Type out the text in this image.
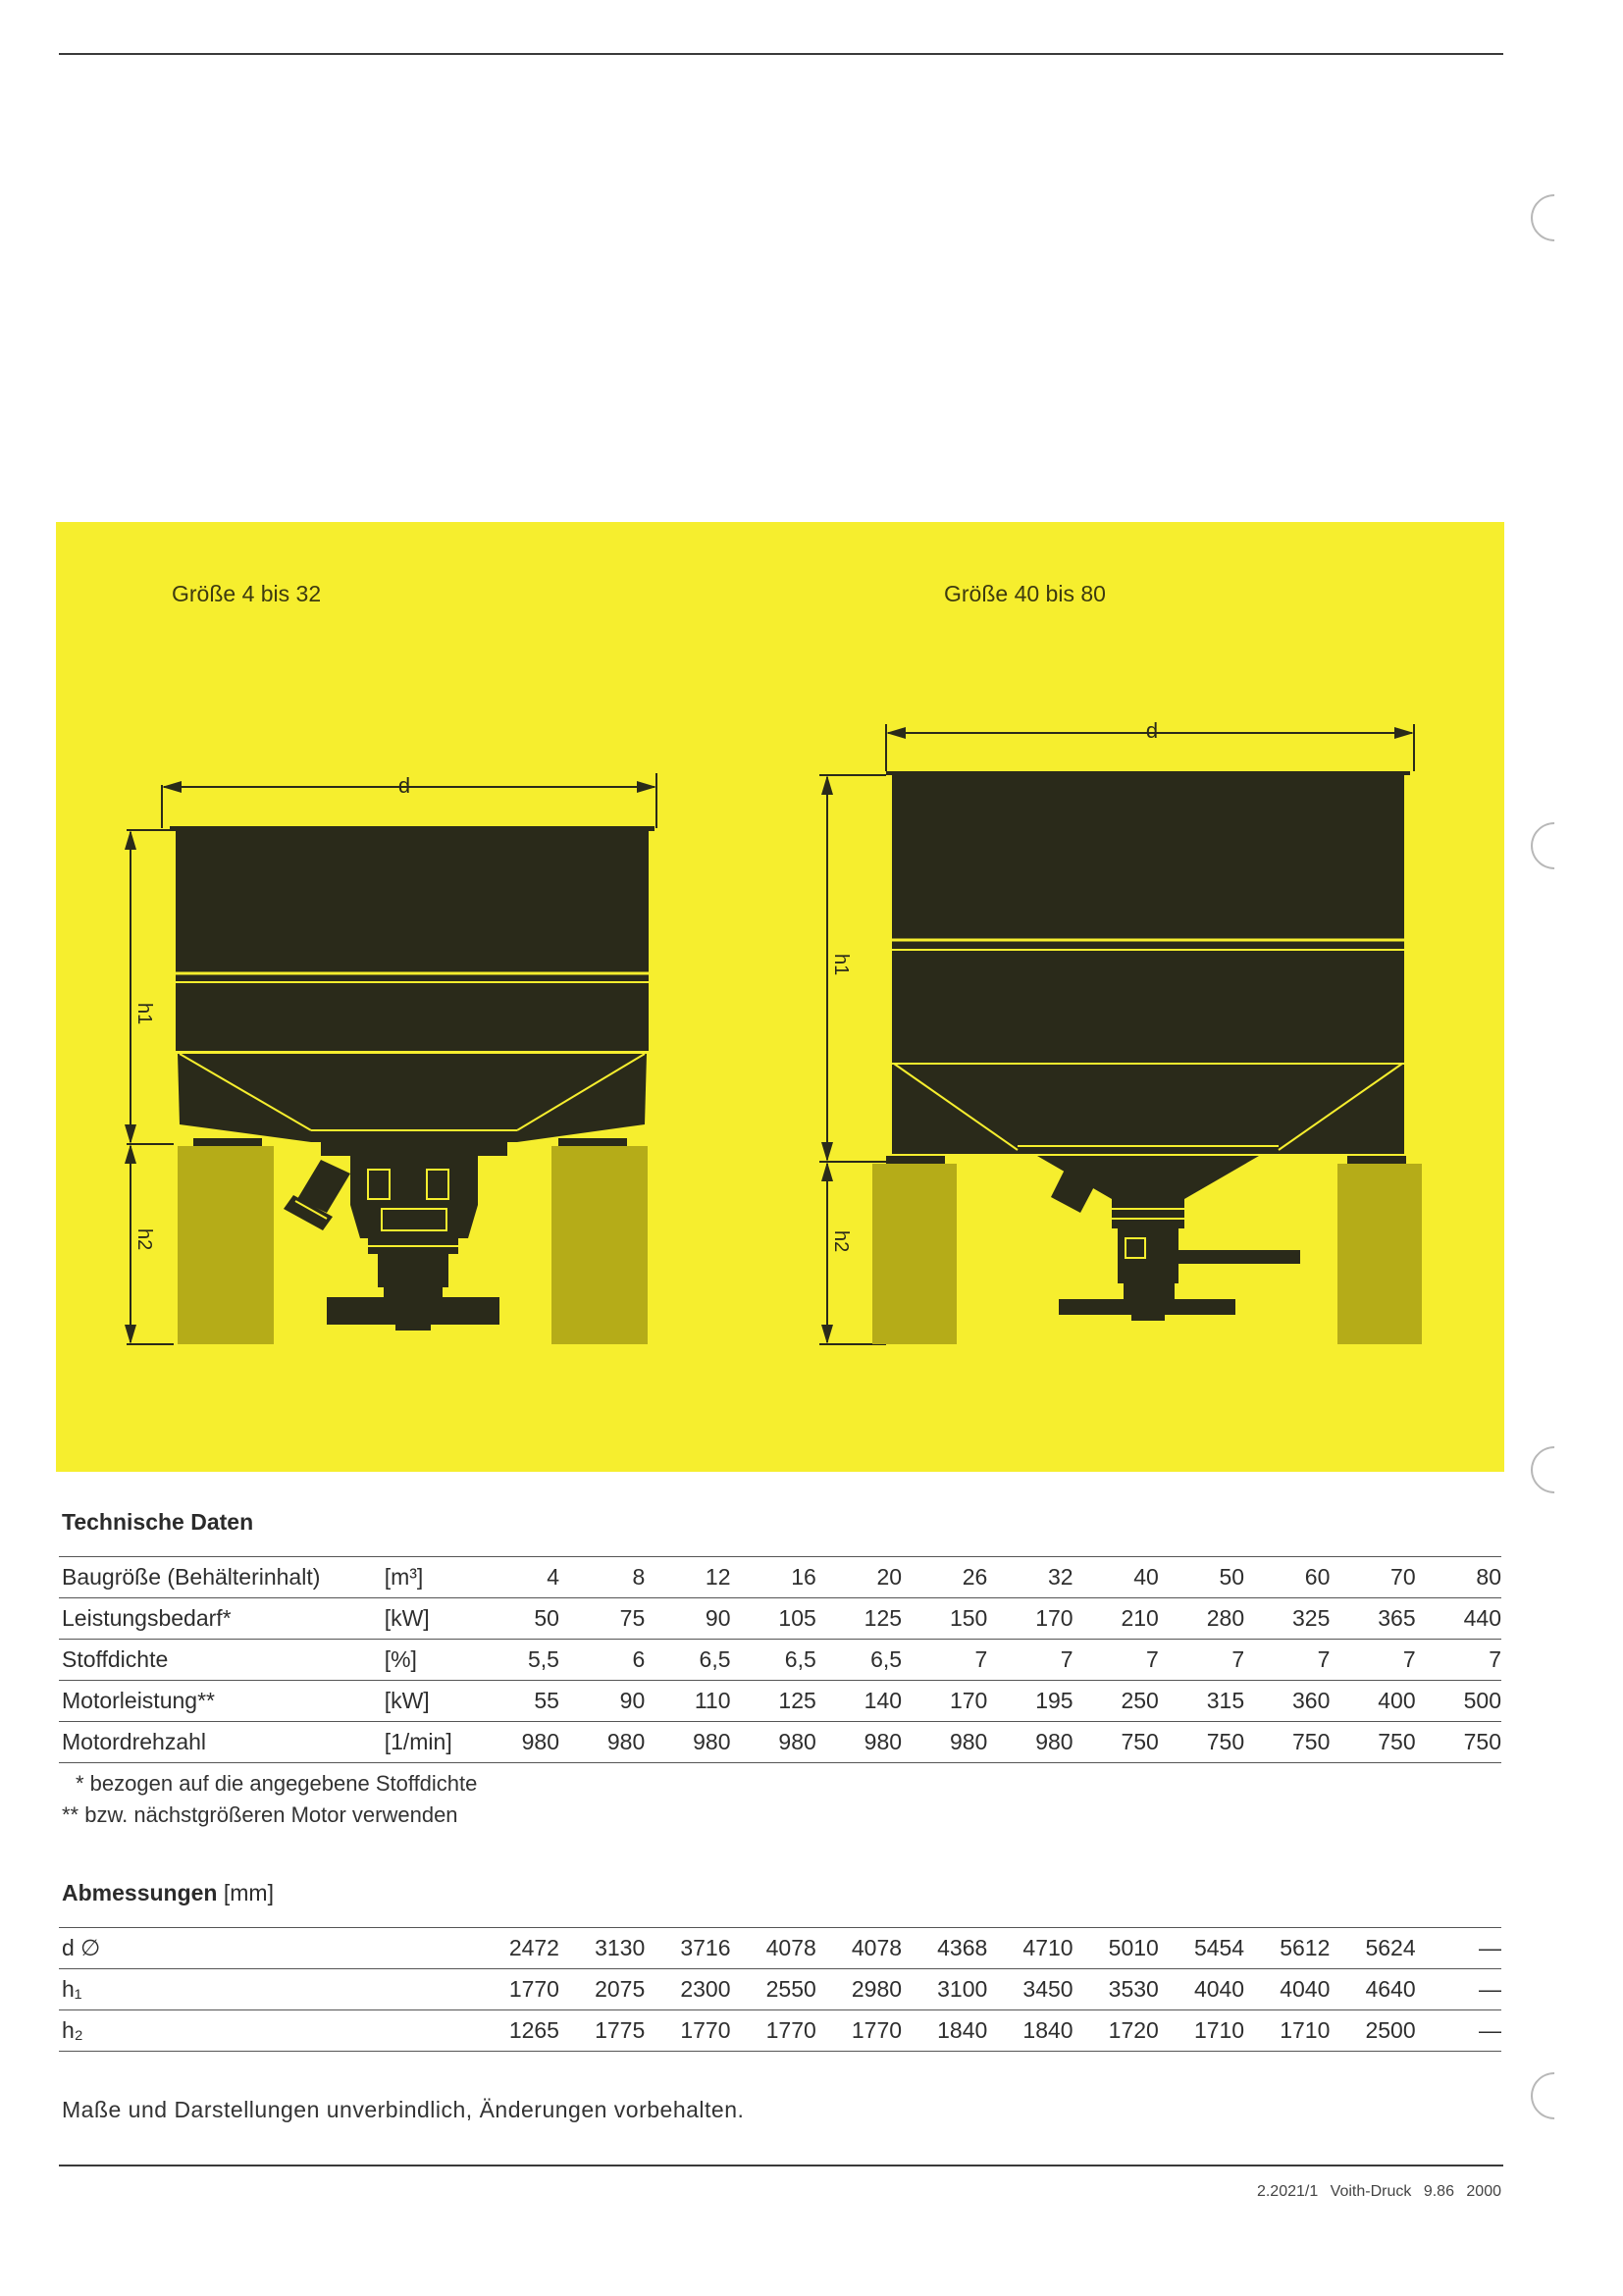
Größe 4 bis 32	Größe 40 bis 80
d
d
h1
h2
h1
h2
Technische Daten
Baugröße (Behälterinhalt)	[m³]	4	8	12	16	20	26	32	40	50	60	70	80
Leistungsbedarf*	[kW]	50	75	90	105	125	150	170	210	280	325	365	440
Stoffdichte	[%]	5,5	6	6,5	6,5	6,5	7	7	7	7	7	7	7
Motorleistung**	[kW]	55	90	110	125	140	170	195	250	315	360	400	500
Motordrehzahl	[1/min]	980	980	980	980	980	980	980	750	750	750	750	750
* bezogen auf die angegebene Stoffdichte
** bzw. nächstgrößeren Motor verwenden
Abmessungen [mm]
d ∅	2472	3130	3716	4078	4078	4368	4710	5010	5454	5612	5624	—
h₁	1770	2075	2300	2550	2980	3100	3450	3530	4040	4040	4640	—
h₂	1265	1775	1770	1770	1770	1840	1840	1720	1710	1710	2500	—
Maße und Darstellungen unverbindlich, Änderungen vorbehalten.
2.2021/1 Voith-Druck 9.86 2000
